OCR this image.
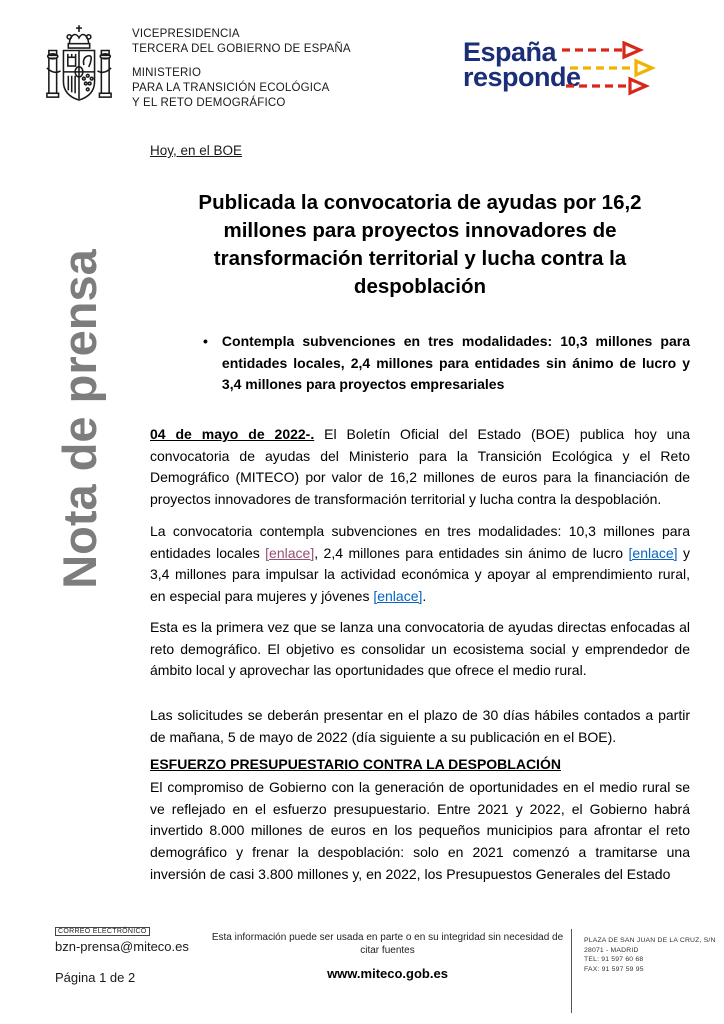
VICEPRESIDENCIA
TERCERA DEL GOBIERNO DE ESPAÑA
MINISTERIO
PARA LA TRANSICIÓN ECOLÓGICA
Y EL RETO DEMOGRÁFICO
España
responde
Nota de prensa
Hoy, en el BOE
Publicada la convocatoria de ayudas por 16,2
millones para proyectos innovadores de
transformación territorial y lucha contra la
despoblación
• Contempla subvenciones en tres modalidades: 10,3 millones para entidades locales, 2,4 millones para entidades sin ánimo de lucro y 3,4 millones para proyectos empresariales
04 de mayo de 2022-. El Boletín Oficial del Estado (BOE) publica hoy una convocatoria de ayudas del Ministerio para la Transición Ecológica y el Reto Demográfico (MITECO) por valor de 16,2 millones de euros para la financiación de proyectos innovadores de transformación territorial y lucha contra la despoblación.
La convocatoria contempla subvenciones en tres modalidades: 10,3 millones para entidades locales [enlace], 2,4 millones para entidades sin ánimo de lucro [enlace] y 3,4 millones para impulsar la actividad económica y apoyar al emprendimiento rural, en especial para mujeres y jóvenes [enlace].
Esta es la primera vez que se lanza una convocatoria de ayudas directas enfocadas al reto demográfico. El objetivo es consolidar un ecosistema social y emprendedor de ámbito local y aprovechar las oportunidades que ofrece el medio rural.
Las solicitudes se deberán presentar en el plazo de 30 días hábiles contados a partir de mañana, 5 de mayo de 2022 (día siguiente a su publicación en el BOE).
ESFUERZO PRESUPUESTARIO CONTRA LA DESPOBLACIÓN
El compromiso de Gobierno con la generación de oportunidades en el medio rural se ve reflejado en el esfuerzo presupuestario. Entre 2021 y 2022, el Gobierno habrá invertido 8.000 millones de euros en los pequeños municipios para afrontar el reto demográfico y frenar la despoblación: solo en 2021 comenzó a tramitarse una inversión de casi 3.800 millones y, en 2022, los Presupuestos Generales del Estado
CORREO ELECTRÓNICO
bzn-prensa@miteco.es
Página 1 de 2
Esta información puede ser usada en parte o en su integridad sin necesidad de citar fuentes
www.miteco.gob.es
PLAZA DE SAN JUAN DE LA CRUZ, S/N
28071 - MADRID
TEL: 91 597 60 68
FAX: 91 597 59 95
